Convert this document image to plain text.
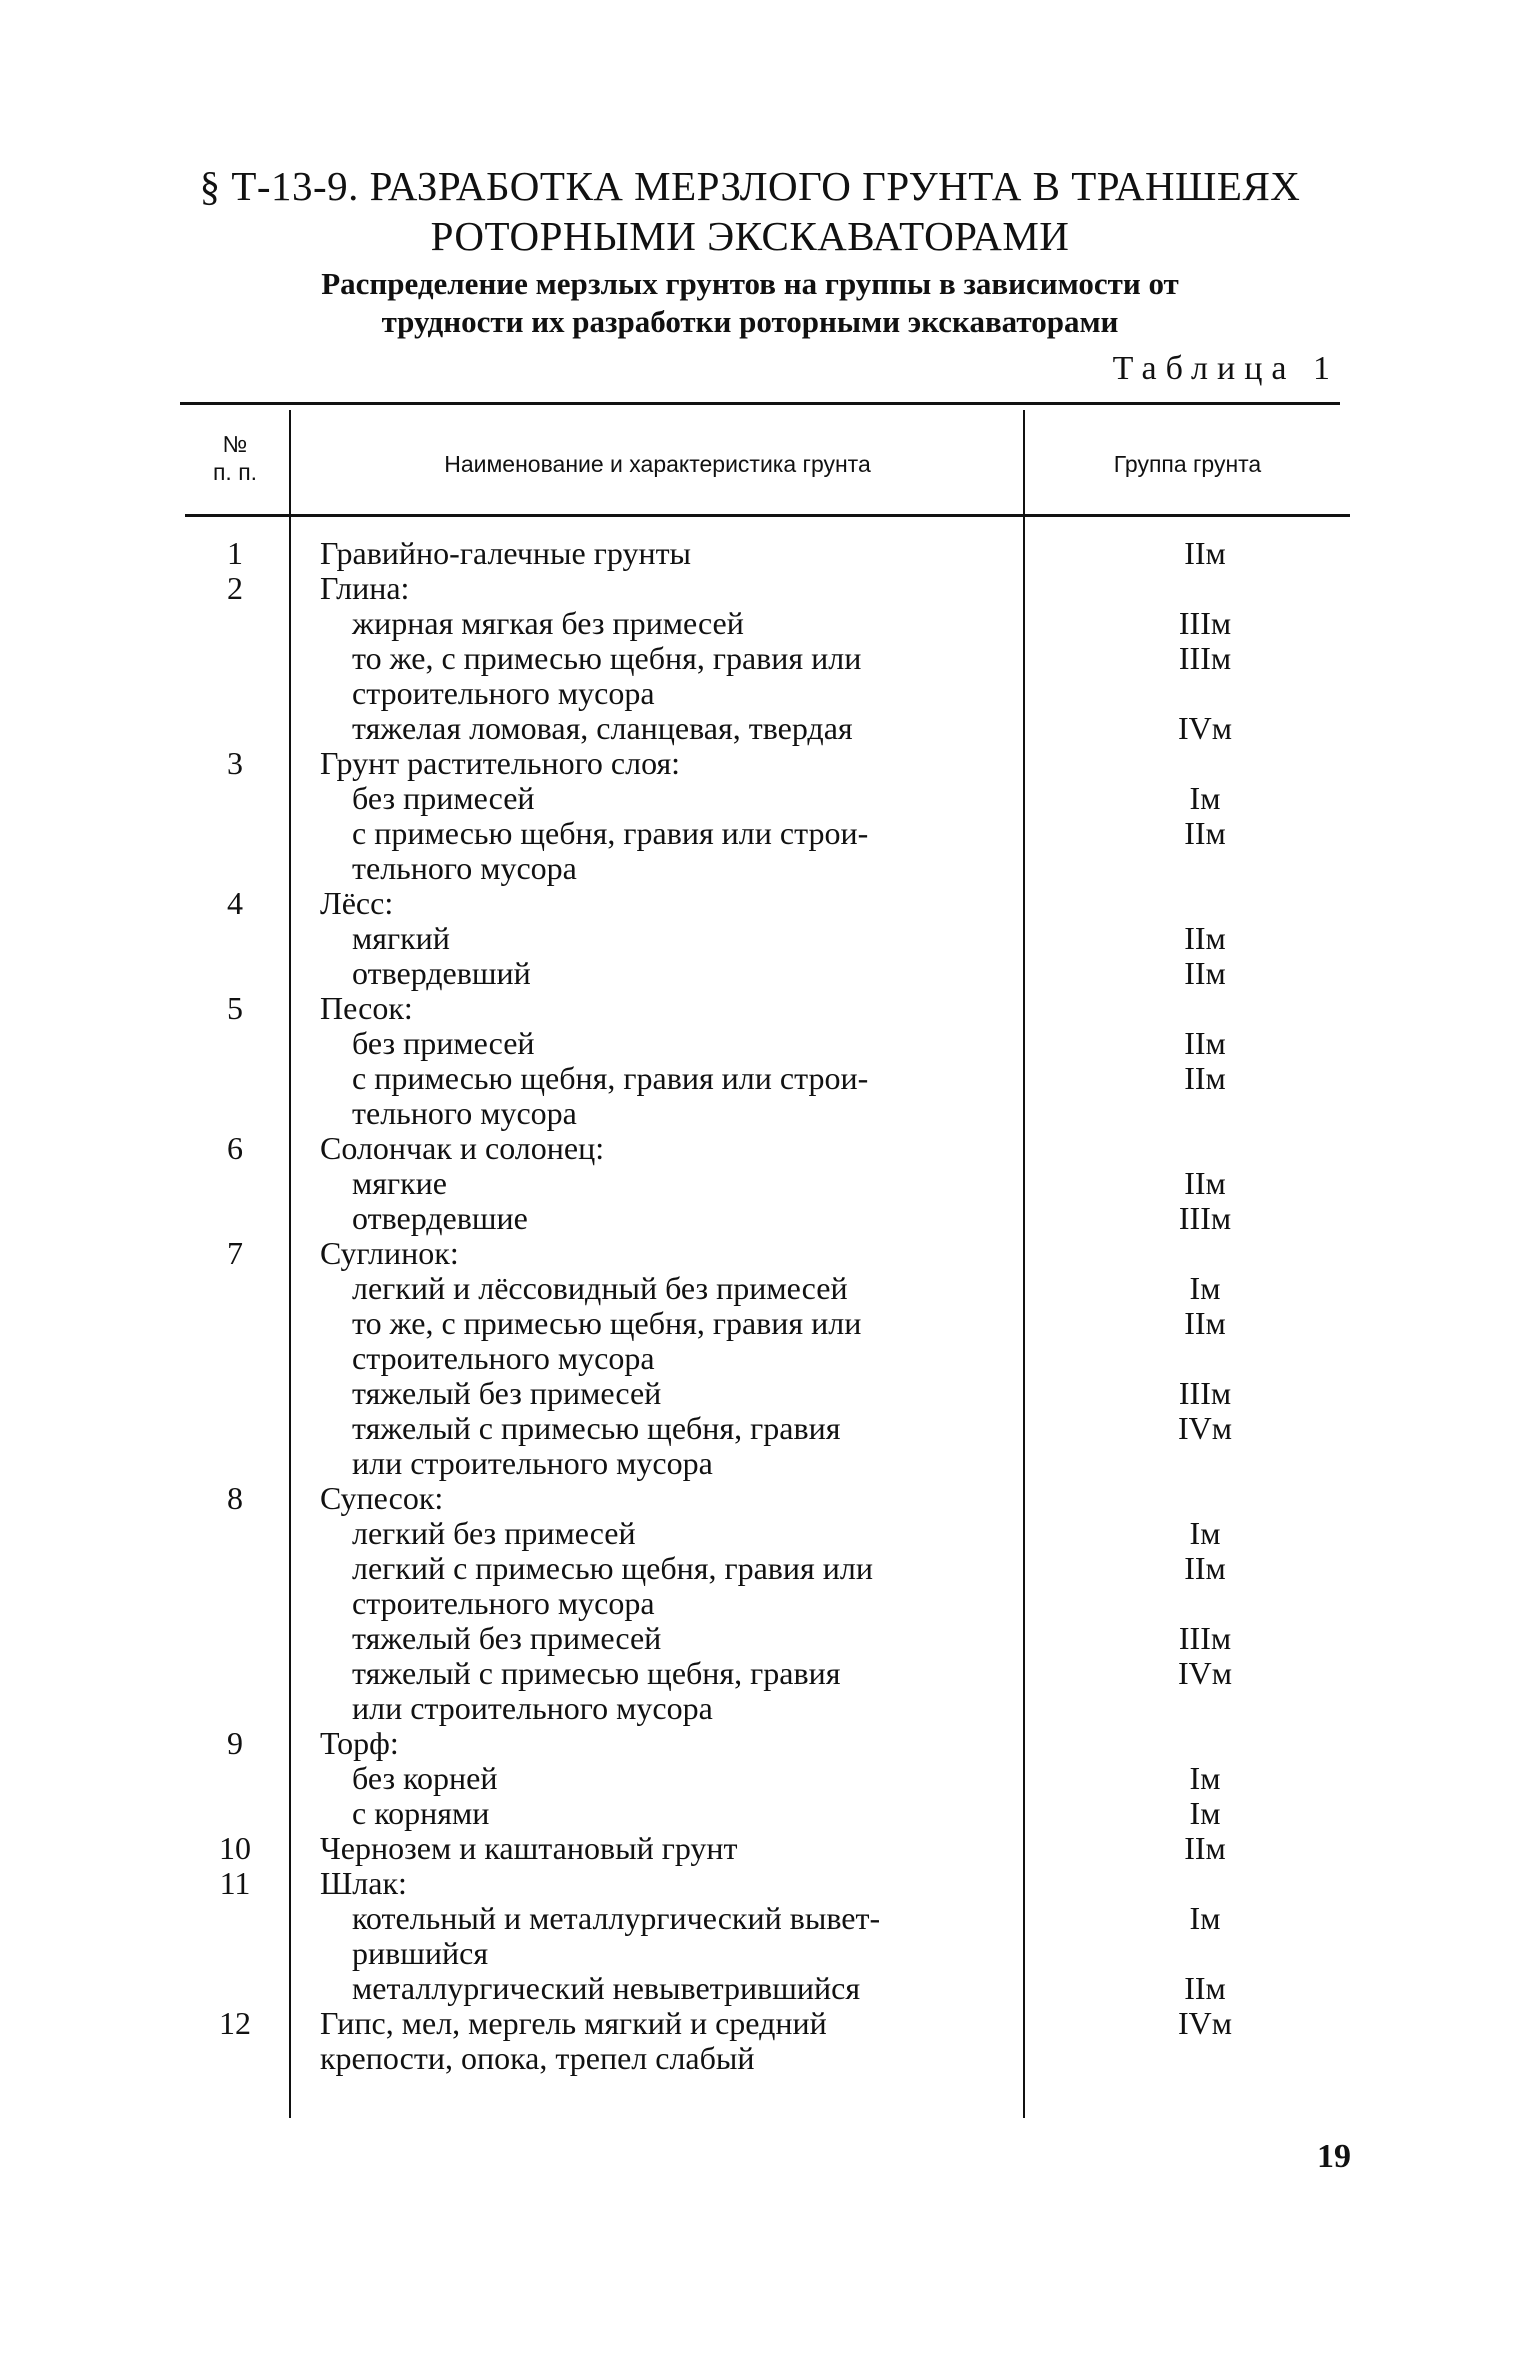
§ Т-13-9. РАЗРАБОТКА МЕРЗЛОГО ГРУНТА В ТРАНШЕЯХ
РОТОРНЫМИ ЭКСКАВАТОРАМИ
Распределение мерзлых грунтов на группы в зависимости от
трудности их разработки роторными экскаваторами
Таблица 1
№
п. п.	Наименование и характеристика грунта	Группа грунта
1	Гравийно-галечные грунты	IIм
2	Глина:
жирная мягкая без примесей	IIIм
то же, с примесью щебня, гравия или	IIIм
строительного мусора
тяжелая ломовая, сланцевая, твердая	IVм
3	Грунт растительного слоя:
без примесей	Iм
с примесью щебня, гравия или строи-	IIм
тельного мусора
4	Лёсс:
мягкий	IIм
отвердевший	IIм
5	Песок:
без примесей	IIм
с примесью щебня, гравия или строи-	IIм
тельного мусора
6	Солончак и солонец:
мягкие	IIм
отвердевшие	IIIм
7	Суглинок:
легкий и лёссовидный без примесей	Iм
то же, с примесью щебня, гравия или	IIм
строительного мусора
тяжелый без примесей	IIIм
тяжелый с примесью щебня, гравия	IVм
или строительного мусора
8	Супесок:
легкий без примесей	Iм
легкий с примесью щебня, гравия или	IIм
строительного мусора
тяжелый без примесей	IIIм
тяжелый с примесью щебня, гравия	IVм
или строительного мусора
9	Торф:
без корней	Iм
с корнями	Iм
10	Чернозем и каштановый грунт	IIм
11	Шлак:
котельный и металлургический вывет-	Iм
рившийся
металлургический невыветрившийся	IIм
12	Гипс, мел, мергель мягкий и средний	IVм
крепости, опока, трепел слабый
19
